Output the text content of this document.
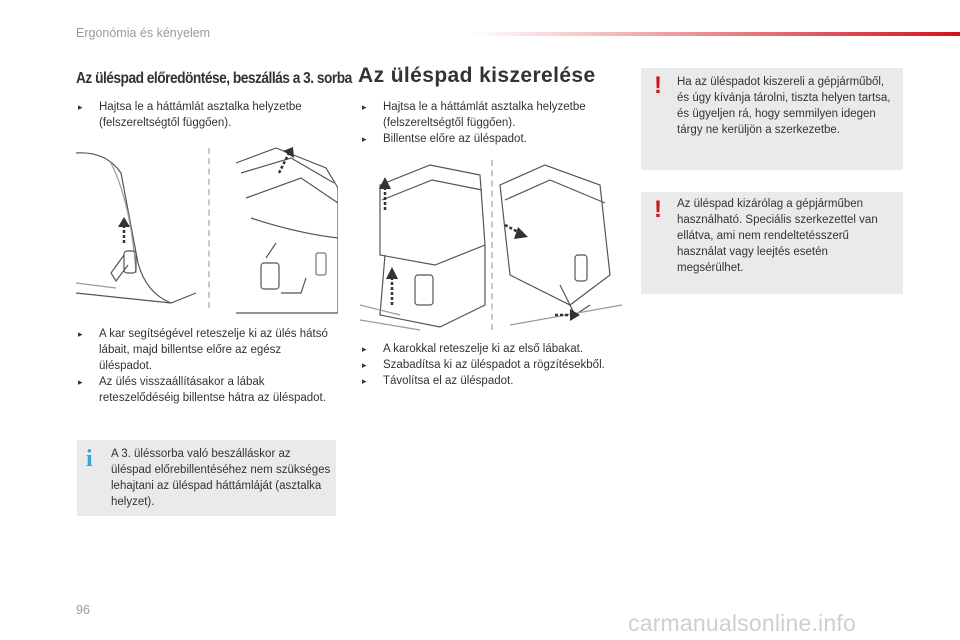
Ergonómia és kényelem
Az üléspad előredöntése, beszállás a 3. sorba
▸ Hajtsa le a háttámlát asztalka helyzetbe (felszereltségtől függően).
▸ A kar segítségével reteszelje ki az ülés hátsó lábait, majd billentse előre az egész üléspadot.
▸ Az ülés visszaállításakor a lábak reteszelődéséig billentse hátra az üléspadot.
i A 3. üléssorba való beszálláskor az üléspad előrebillentéséhez nem szükséges lehajtani az üléspad háttámláját (asztalka helyzet).
Az üléspad kiszerelése
▸ Hajtsa le a háttámlát asztalka helyzetbe (felszereltségtől függően).
▸ Billentse előre az üléspadot.
▸ A karokkal reteszelje ki az első lábakat.
▸ Szabadítsa ki az üléspadot a rögzítésekből.
▸ Távolítsa el az üléspadot.
! Ha az üléspadot kiszereli a gépjárműből, és úgy kívánja tárolni, tiszta helyen tartsa, és ügyeljen rá, hogy semmilyen idegen tárgy ne kerüljön a szerkezetbe.
! Az üléspad kizárólag a gépjárműben használható. Speciális szerkezettel van ellátva, ami nem rendeltetésszerű használat vagy leejtés esetén megsérülhet.
96	carmanualsonline.info
